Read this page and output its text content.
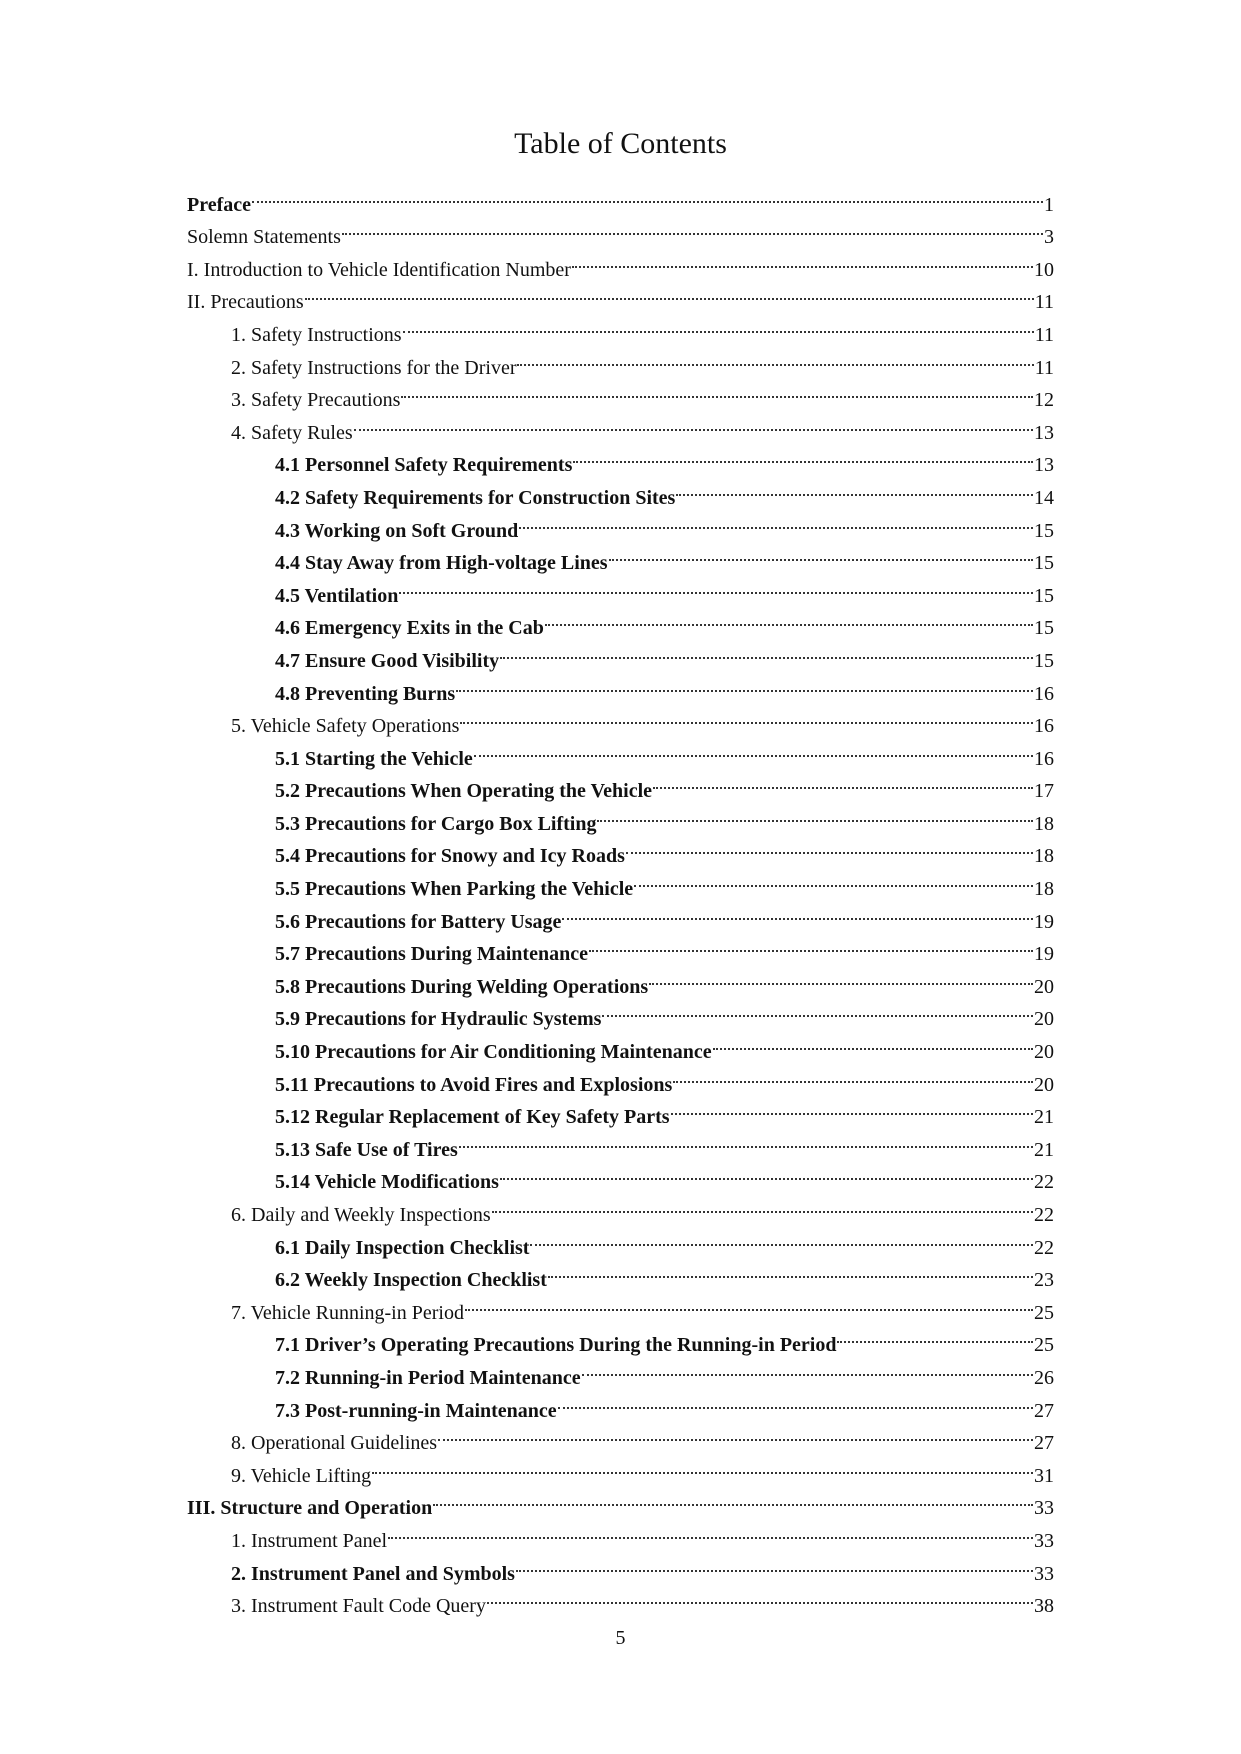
Table of Contents
Preface	1
Solemn Statements	3
I. Introduction to Vehicle Identification Number	10
II. Precautions	11
1. Safety Instructions	11
2. Safety Instructions for the Driver	11
3. Safety Precautions	12
4. Safety Rules	13
4.1 Personnel Safety Requirements	13
4.2 Safety Requirements for Construction Sites	14
4.3 Working on Soft Ground	15
4.4 Stay Away from High-voltage Lines	15
4.5 Ventilation	15
4.6 Emergency Exits in the Cab	15
4.7 Ensure Good Visibility	15
4.8 Preventing Burns	16
5. Vehicle Safety Operations	16
5.1 Starting the Vehicle	16
5.2 Precautions When Operating the Vehicle	17
5.3 Precautions for Cargo Box Lifting	18
5.4 Precautions for Snowy and Icy Roads	18
5.5 Precautions When Parking the Vehicle	18
5.6 Precautions for Battery Usage	19
5.7 Precautions During Maintenance	19
5.8 Precautions During Welding Operations	20
5.9 Precautions for Hydraulic Systems	20
5.10 Precautions for Air Conditioning Maintenance	20
5.11 Precautions to Avoid Fires and Explosions	20
5.12 Regular Replacement of Key Safety Parts	21
5.13 Safe Use of Tires	21
5.14 Vehicle Modifications	22
6. Daily and Weekly Inspections	22
6.1 Daily Inspection Checklist	22
6.2 Weekly Inspection Checklist	23
7. Vehicle Running-in Period	25
7.1 Driver’s Operating Precautions During the Running-in Period	25
7.2 Running-in Period Maintenance	26
7.3 Post-running-in Maintenance	27
8. Operational Guidelines	27
9. Vehicle Lifting	31
III. Structure and Operation	33
1. Instrument Panel	33
2. Instrument Panel and Symbols	33
3. Instrument Fault Code Query	38
5
